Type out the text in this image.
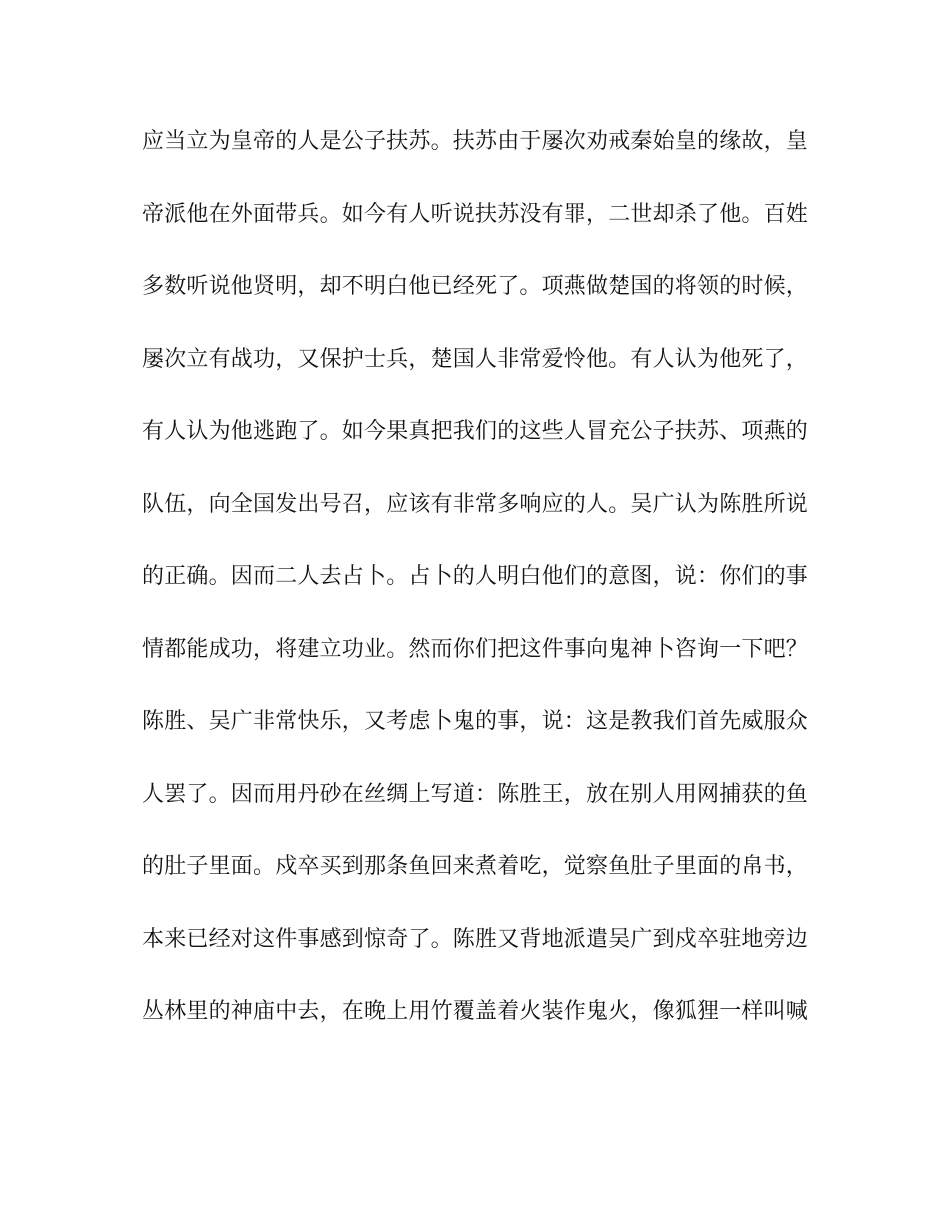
应当立为皇帝的人是公子扶苏。扶苏由于屡次劝戒秦始皇的缘故，皇
帝派他在外面带兵。如今有人听说扶苏没有罪，二世却杀了他。百姓
多数听说他贤明，却不明白他已经死了。项燕做楚国的将领的时候，
屡次立有战功，又保护士兵，楚国人非常爱怜他。有人认为他死了，
有人认为他逃跑了。如今果真把我们的这些人冒充公子扶苏、项燕的
队伍，向全国发出号召，应该有非常多响应的人。吴广认为陈胜所说
的正确。因而二人去占卜。占卜的人明白他们的意图，说：你们的事
情都能成功，将建立功业。然而你们把这件事向鬼神卜咨询一下吧？
陈胜、吴广非常快乐，又考虑卜鬼的事，说：这是教我们首先威服众
人罢了。因而用丹砂在丝绸上写道：陈胜王，放在别人用网捕获的鱼
的肚子里面。戍卒买到那条鱼回来煮着吃，觉察鱼肚子里面的帛书，
本来已经对这件事感到惊奇了。陈胜又背地派遣吴广到戍卒驻地旁边
丛林里的神庙中去，在晚上用竹覆盖着火装作鬼火，像狐狸一样叫喊
